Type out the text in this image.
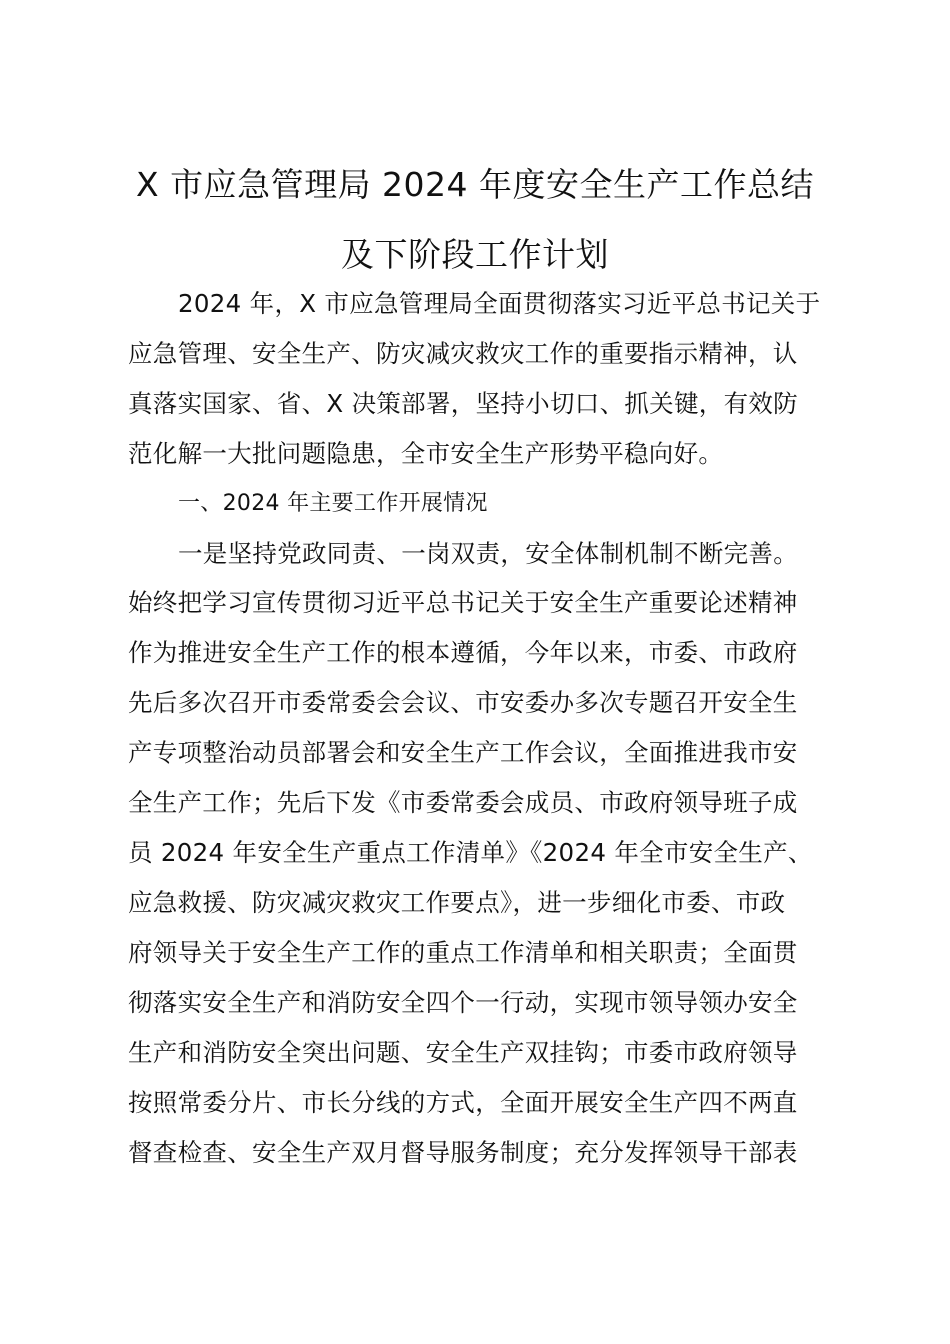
X 市应急管理局 2024 年度安全生产工作总结
及下阶段工作计划
2024 年，X 市应急管理局全面贯彻落实习近平总书记关于
应急管理、安全生产、防灾减灾救灾工作的重要指示精神，认
真落实国家、省、X 决策部署，坚持小切口、抓关键，有效防
范化解一大批问题隐患，全市安全生产形势平稳向好。
一、2024 年主要工作开展情况
一是坚持党政同责、一岗双责，安全体制机制不断完善。
始终把学习宣传贯彻习近平总书记关于安全生产重要论述精神
作为推进安全生产工作的根本遵循，今年以来，市委、市政府
先后多次召开市委常委会会议、市安委办多次专题召开安全生
产专项整治动员部署会和安全生产工作会议，全面推进我市安
全生产工作；先后下发《市委常委会成员、市政府领导班子成
员 2024 年安全生产重点工作清单》《2024 年全市安全生产、
应急救援、防灾减灾救灾工作要点》，进一步细化市委、市政
府领导关于安全生产工作的重点工作清单和相关职责；全面贯
彻落实安全生产和消防安全四个一行动，实现市领导领办安全
生产和消防安全突出问题、安全生产双挂钩；市委市政府领导
按照常委分片、市长分线的方式，全面开展安全生产四不两直
督查检查、安全生产双月督导服务制度；充分发挥领导干部表
